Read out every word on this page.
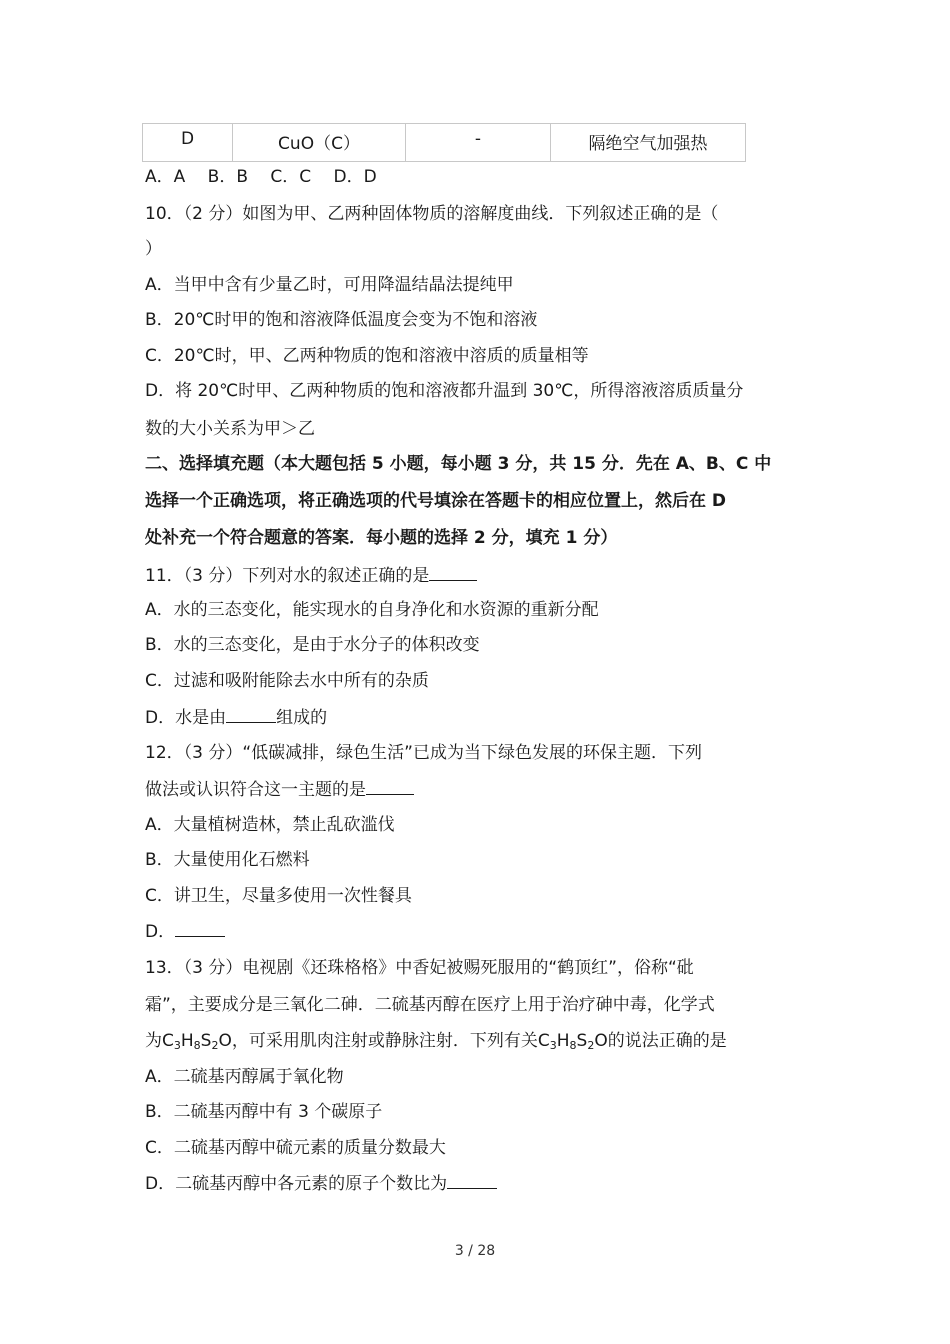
D	CuO（C）	-	隔绝空气加强热
A．A　 B．B　 C．C　 D．D
10．（2 分）如图为甲、乙两种固体物质的溶解度曲线．下列叙述正确的是（
）
A．当甲中含有少量乙时，可用降温结晶法提纯甲
B．20℃时甲的饱和溶液降低温度会变为不饱和溶液
C．20℃时，甲、乙两种物质的饱和溶液中溶质的质量相等
D．将 20℃时甲、乙两种物质的饱和溶液都升温到 30℃，所得溶液溶质质量分
数的大小关系为甲＞乙
二、选择填充题（本大题包括 5 小题，每小题 3 分，共 15 分．先在 A、B、C 中
选择一个正确选项，将正确选项的代号填涂在答题卡的相应位置上，然后在 D
处补充一个符合题意的答案．每小题的选择 2 分，填充 1 分）
11．（3 分）下列对水的叙述正确的是
A．水的三态变化，能实现水的自身净化和水资源的重新分配
B．水的三态变化，是由于水分子的体积改变
C．过滤和吸附能除去水中所有的杂质
D．水是由	组成的
12．（3 分）“低碳减排，绿色生活”已成为当下绿色发展的环保主题．下列
做法或认识符合这一主题的是
A．大量植树造林，禁止乱砍滥伐
B．大量使用化石燃料
C．讲卫生，尽量多使用一次性餐具
D．
13．（3 分）电视剧《还珠格格》中香妃被赐死服用的“鹤顶红”，俗称“砒
霜”，主要成分是三氧化二砷．二硫基丙醇在医疗上用于治疗砷中毒，化学式
为$C_3H_8S_2O$，可采用肌肉注射或静脉注射．下列有关$C_3H_8S_2O$的说法正确的是
A．二硫基丙醇属于氧化物
B．二硫基丙醇中有 3 个碳原子
C．二硫基丙醇中硫元素的质量分数最大
D．二硫基丙醇中各元素的原子个数比为
3 / 28
